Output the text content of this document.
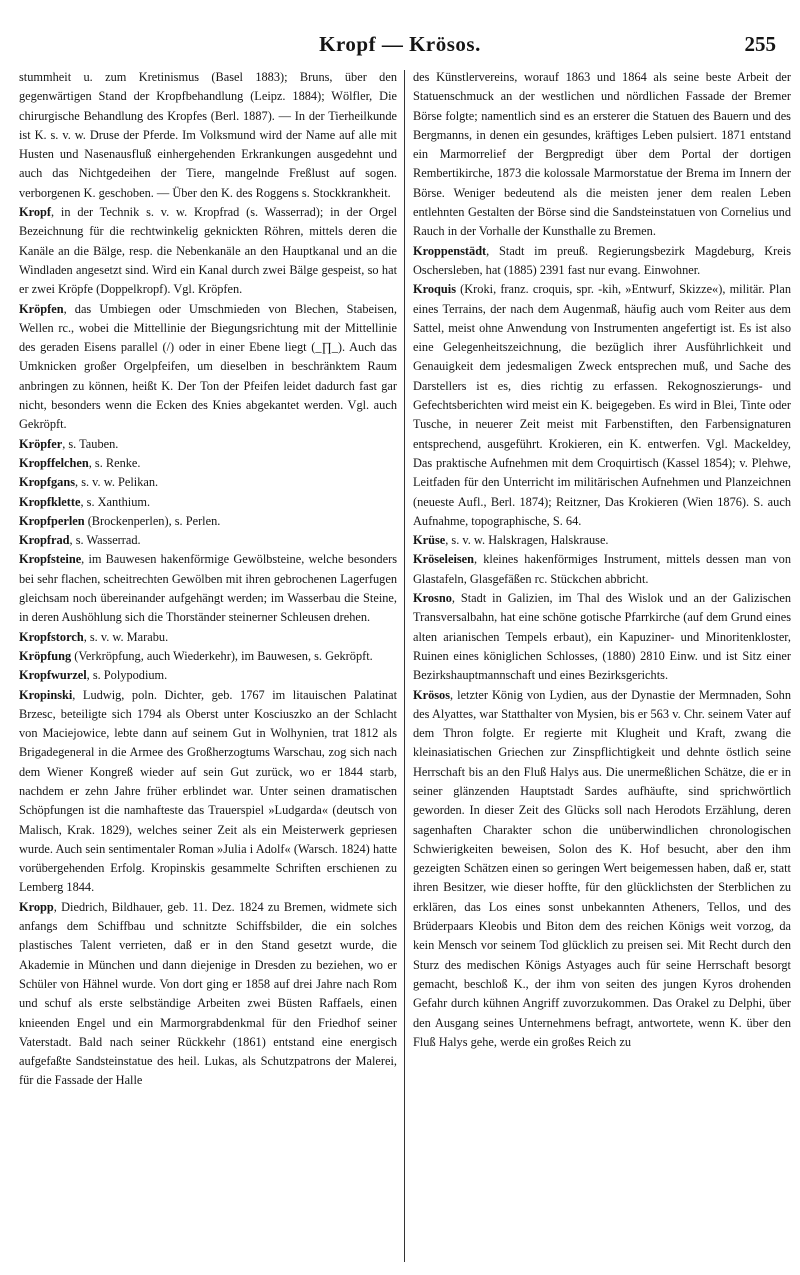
Kropf — Krösos.	255

stummheit u. zum Kretinismus (Basel 1883); Bruns, über den gegenwärtigen Stand der Kropfbehandlung (Leipz. 1884); Wölfler, Die chirurgische Behandlung des Kropfes (Berl. 1887). — In der Tierheilkunde ist K. s. v. w. Druse der Pferde. Im Volksmund wird der Name auf alle mit Husten und Nasenausfluß einhergehenden Erkrankungen ausgedehnt und auch das Nichtgedeihen der Tiere, mangelnde Freßlust auf sogen. verborgenen K. geschoben. — Über den K. des Roggens s. Stockkrankheit.

Kropf, in der Technik s. v. w. Kropfrad (s. Wasserrad); in der Orgel Bezeichnung für die rechtwinkelig geknickten Röhren, mittels deren die Kanäle an die Bälge, resp. die Nebenkanäle an den Hauptkanal und an die Windladen angesetzt sind. Wird ein Kanal durch zwei Bälge gespeist, so hat er zwei Kröpfe (Doppelkropf). Vgl. Kröpfen.

Kröpfen, das Umbiegen oder Umschmieden von Blechen, Stabeisen, Wellen rc., wobei die Mittellinie der Biegungsrichtung mit der Mittellinie des geraden Eisens parallel (/) oder in einer Ebene liegt (_∏_). Auch das Umknicken großer Orgelpfeifen, um dieselben in beschränktem Raum anbringen zu können, heißt K. Der Ton der Pfeifen leidet dadurch fast gar nicht, besonders wenn die Ecken des Knies abgekantet werden. Vgl. auch Gekröpft.

Kröpfer, s. Tauben.

Kropffelchen, s. Renke.

Kropfgans, s. v. w. Pelikan.

Kropfklette, s. Xanthium.

Kropfperlen (Brockenperlen), s. Perlen.

Kropfrad, s. Wasserrad.

Kropfsteine, im Bauwesen hakenförmige Gewölbsteine, welche besonders bei sehr flachen, scheitrechten Gewölben mit ihren gebrochenen Lagerfugen gleichsam noch übereinander aufgehängt werden; im Wasserbau die Steine, in deren Aushöhlung sich die Thorständer steinerner Schleusen drehen.

Kropfstorch, s. v. w. Marabu.

Kröpfung (Verkröpfung, auch Wiederkehr), im Bauwesen, s. Gekröpft.

Kropfwurzel, s. Polypodium.

Kropinski, Ludwig, poln. Dichter, geb. 1767 im litauischen Palatinat Brzesc, beteiligte sich 1794 als Oberst unter Kosciuszko an der Schlacht von Maciejowice, lebte dann auf seinem Gut in Wolhynien, trat 1812 als Brigadegeneral in die Armee des Großherzogtums Warschau, zog sich nach dem Wiener Kongreß wieder auf sein Gut zurück, wo er 1844 starb, nachdem er zehn Jahre früher erblindet war. Unter seinen dramatischen Schöpfungen ist die namhafteste das Trauerspiel »Ludgarda« (deutsch von Malisch, Krak. 1829), welches seiner Zeit als ein Meisterwerk gepriesen wurde. Auch sein sentimentaler Roman »Julia i Adolf« (Warsch. 1824) hatte vorübergehenden Erfolg. Kropinskis gesammelte Schriften erschienen zu Lemberg 1844.

Kropp, Diedrich, Bildhauer, geb. 11. Dez. 1824 zu Bremen, widmete sich anfangs dem Schiffbau und schnitzte Schiffsbilder, die ein solches plastisches Talent verrieten, daß er in den Stand gesetzt wurde, die Akademie in München und dann diejenige in Dresden zu beziehen, wo er Schüler von Hähnel wurde. Von dort ging er 1858 auf drei Jahre nach Rom und schuf als erste selbständige Arbeiten zwei Büsten Raffaels, einen knieenden Engel und ein Marmorgrabdenkmal für den Friedhof seiner Vaterstadt. Bald nach seiner Rückkehr (1861) entstand eine energisch aufgefaßte Sandsteinstatue des heil. Lukas, als Schutzpatrons der Malerei, für die Fassade der Halle

des Künstlervereins, worauf 1863 und 1864 als seine beste Arbeit der Statuenschmuck an der westlichen und nördlichen Fassade der Bremer Börse folgte; namentlich sind es an ersterer die Statuen des Bauern und des Bergmanns, in denen ein gesundes, kräftiges Leben pulsiert. 1871 entstand ein Marmorrelief der Bergpredigt über dem Portal der dortigen Rembertikirche, 1873 die kolossale Marmorstatue der Brema im Innern der Börse. Weniger bedeutend als die meisten jener dem realen Leben entlehnten Gestalten der Börse sind die Sandsteinstatuen von Cornelius und Rauch in der Vorhalle der Kunsthalle zu Bremen.

Kroppenstädt, Stadt im preuß. Regierungsbezirk Magdeburg, Kreis Oschersleben, hat (1885) 2391 fast nur evang. Einwohner.

Kroquis (Kroki, franz. croquis, spr. -kih, »Entwurf, Skizze«), militär. Plan eines Terrains, der nach dem Augenmaß, häufig auch vom Reiter aus dem Sattel, meist ohne Anwendung von Instrumenten angefertigt ist. Es ist also eine Gelegenheitszeichnung, die bezüglich ihrer Ausführlichkeit und Genauigkeit dem jedesmaligen Zweck entsprechen muß, und Sache des Darstellers ist es, dies richtig zu erfassen. Rekognoszierungs- und Gefechtsberichten wird meist ein K. beigegeben. Es wird in Blei, Tinte oder Tusche, in neuerer Zeit meist mit Farbenstiften, den Farbensignaturen entsprechend, ausgeführt. Krokieren, ein K. entwerfen. Vgl. Mackeldey, Das praktische Aufnehmen mit dem Croquirtisch (Kassel 1854); v. Plehwe, Leitfaden für den Unterricht im militärischen Aufnehmen und Planzeichnen (neueste Aufl., Berl. 1874); Reitzner, Das Krokieren (Wien 1876). S. auch Aufnahme, topographische, S. 64.

Krüse, s. v. w. Halskragen, Halskrause.

Kröseleisen, kleines hakenförmiges Instrument, mittels dessen man von Glastafeln, Glasgefäßen rc. Stückchen abbricht.

Krosno, Stadt in Galizien, im Thal des Wislok und an der Galizischen Transversalbahn, hat eine schöne gotische Pfarrkirche (auf dem Grund eines alten arianischen Tempels erbaut), ein Kapuziner- und Minoritenkloster, Ruinen eines königlichen Schlosses, (1880) 2810 Einw. und ist Sitz einer Bezirkshauptmannschaft und eines Bezirksgerichts.

Krösos, letzter König von Lydien, aus der Dynastie der Mermnaden, Sohn des Alyattes, war Statthalter von Mysien, bis er 563 v. Chr. seinem Vater auf dem Thron folgte. Er regierte mit Klugheit und Kraft, zwang die kleinasiatischen Griechen zur Zinspflichtigkeit und dehnte östlich seine Herrschaft bis an den Fluß Halys aus. Die unermeßlichen Schätze, die er in seiner glänzenden Hauptstadt Sardes aufhäufte, sind sprichwörtlich geworden. In dieser Zeit des Glücks soll nach Herodots Erzählung, deren sagenhaften Charakter schon die unüberwindlichen chronologischen Schwierigkeiten beweisen, Solon des K. Hof besucht, aber den ihm gezeigten Schätzen einen so geringen Wert beigemessen haben, daß er, statt ihren Besitzer, wie dieser hoffte, für den glücklichsten der Sterblichen zu erklären, das Los eines sonst unbekannten Atheners, Tellos, und des Brüderpaars Kleobis und Biton dem des reichen Königs weit vorzog, da kein Mensch vor seinem Tod glücklich zu preisen sei. Mit Recht durch den Sturz des medischen Königs Astyages auch für seine Herrschaft besorgt gemacht, beschloß K., der ihm von seiten des jungen Kyros drohenden Gefahr durch kühnen Angriff zuvorzukommen. Das Orakel zu Delphi, über den Ausgang seines Unternehmens befragt, antwortete, wenn K. über den Fluß Halys gehe, werde ein großes Reich zu
